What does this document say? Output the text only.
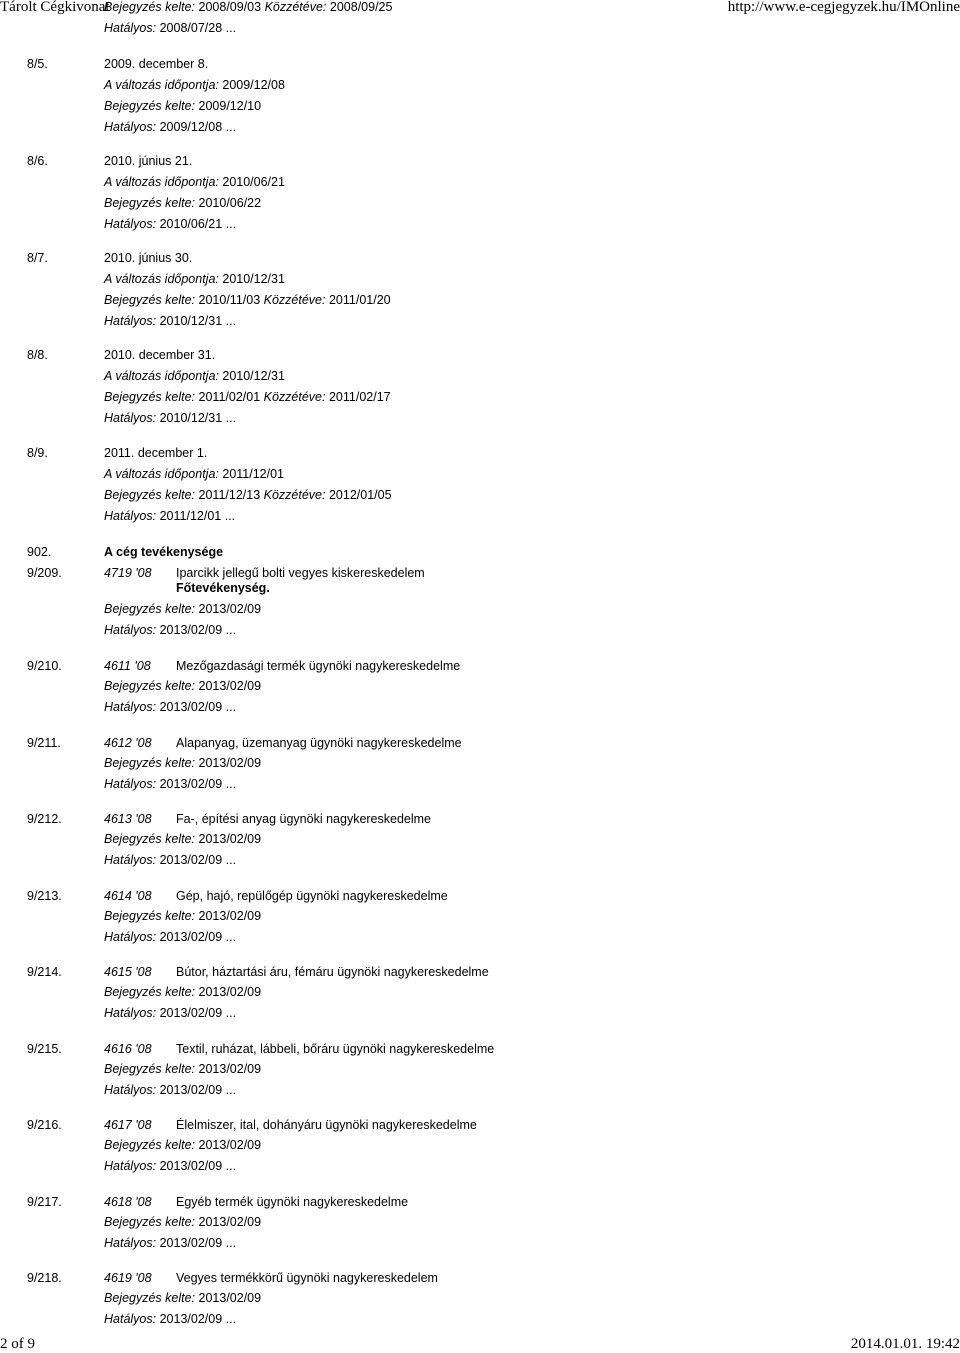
Tárolt Cégkivonat
Bejegyzés kelte: 2008/09/03 Közzétéve: 2008/09/25	http://www.e-cegjegyzek.hu/IMOnline
Hatályos: 2008/07/28 ...
8/5.	2009. december 8.
A változás időpontja: 2009/12/08
Bejegyzés kelte: 2009/12/10
Hatályos: 2009/12/08 ...
8/6.	2010. június 21.
A változás időpontja: 2010/06/21
Bejegyzés kelte: 2010/06/22
Hatályos: 2010/06/21 ...
8/7.	2010. június 30.
A változás időpontja: 2010/12/31
Bejegyzés kelte: 2010/11/03 Közzétéve: 2011/01/20
Hatályos: 2010/12/31 ...
8/8.	2010. december 31.
A változás időpontja: 2010/12/31
Bejegyzés kelte: 2011/02/01 Közzétéve: 2011/02/17
Hatályos: 2010/12/31 ...
8/9.	2011. december 1.
A változás időpontja: 2011/12/01
Bejegyzés kelte: 2011/12/13 Közzétéve: 2012/01/05
Hatályos: 2011/12/01 ...
902.	A cég tevékenysége
9/209.	4719 '08 Iparcikk jellegű bolti vegyes kiskereskedelem
Főtevékenység.
Bejegyzés kelte: 2013/02/09
Hatályos: 2013/02/09 ...
9/210.	4611 '08 Mezőgazdasági termék ügynöki nagykereskedelme
Bejegyzés kelte: 2013/02/09
Hatályos: 2013/02/09 ...
9/211.	4612 '08 Alapanyag, üzemanyag ügynöki nagykereskedelme
Bejegyzés kelte: 2013/02/09
Hatályos: 2013/02/09 ...
9/212.	4613 '08 Fa-, építési anyag ügynöki nagykereskedelme
Bejegyzés kelte: 2013/02/09
Hatályos: 2013/02/09 ...
9/213.	4614 '08 Gép, hajó, repülőgép ügynöki nagykereskedelme
Bejegyzés kelte: 2013/02/09
Hatályos: 2013/02/09 ...
9/214.	4615 '08 Bútor, háztartási áru, fémáru ügynöki nagykereskedelme
Bejegyzés kelte: 2013/02/09
Hatályos: 2013/02/09 ...
9/215.	4616 '08 Textil, ruházat, lábbeli, bőráru ügynöki nagykereskedelme
Bejegyzés kelte: 2013/02/09
Hatályos: 2013/02/09 ...
9/216.	4617 '08 Élelmiszer, ital, dohányáru ügynöki nagykereskedelme
Bejegyzés kelte: 2013/02/09
Hatályos: 2013/02/09 ...
9/217.	4618 '08 Egyéb termék ügynöki nagykereskedelme
Bejegyzés kelte: 2013/02/09
Hatályos: 2013/02/09 ...
9/218.	4619 '08 Vegyes termékkörű ügynöki nagykereskedelem
Bejegyzés kelte: 2013/02/09
Hatályos: 2013/02/09 ...
2 of 9	2014.01.01. 19:42
